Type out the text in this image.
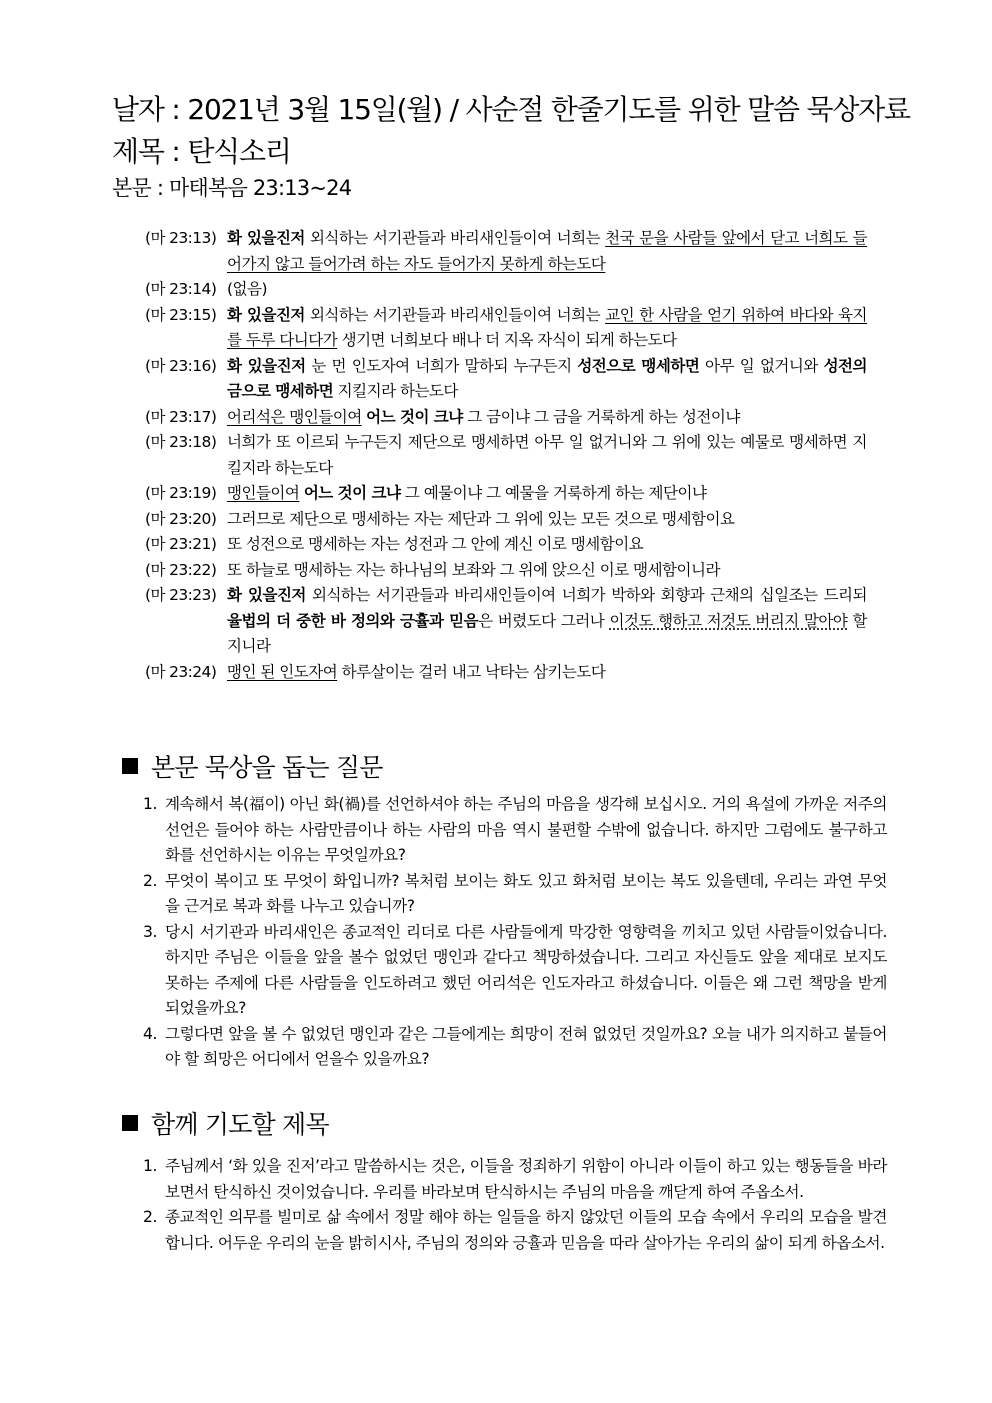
날자 : 2021년 3월 15일(월) / 사순절 한줄기도를 위한 말씀 묵상자료
제목 : 탄식소리
본문 : 마태복음 23:13~24
(마 23:13) 화 있을진저 외식하는 서기관들과 바리새인들이여 너희는 천국 문을 사람들 앞에서 닫고 너희도 들어가지 않고 들어가려 하는 자도 들어가지 못하게 하는도다
(마 23:14) (없음)
(마 23:15) 화 있을진저 외식하는 서기관들과 바리새인들이여 너희는 교인 한 사람을 얻기 위하여 바다와 육지를 두루 다니다가 생기면 너희보다 배나 더 지옥 자식이 되게 하는도다
(마 23:16) 화 있을진저 눈 먼 인도자여 너희가 말하되 누구든지 성전으로 맹세하면 아무 일 없거니와 성전의 금으로 맹세하면 지킬지라 하는도다
(마 23:17) 어리석은 맹인들이여 어느 것이 크냐 그 금이냐 그 금을 거룩하게 하는 성전이냐
(마 23:18) 너희가 또 이르되 누구든지 제단으로 맹세하면 아무 일 없거니와 그 위에 있는 예물로 맹세하면 지킬지라 하는도다
(마 23:19) 맹인들이여 어느 것이 크냐 그 예물이냐 그 예물을 거룩하게 하는 제단이냐
(마 23:20) 그러므로 제단으로 맹세하는 자는 제단과 그 위에 있는 모든 것으로 맹세함이요
(마 23:21) 또 성전으로 맹세하는 자는 성전과 그 안에 계신 이로 맹세함이요
(마 23:22) 또 하늘로 맹세하는 자는 하나님의 보좌와 그 위에 앉으신 이로 맹세함이니라
(마 23:23) 화 있을진저 외식하는 서기관들과 바리새인들이여 너희가 박하와 회향과 근채의 십일조는 드리되 율법의 더 중한 바 정의와 긍휼과 믿음은 버렸도다 그러나 이것도 행하고 저것도 버리지 말아야 할지니라
(마 23:24) 맹인 된 인도자여 하루살이는 걸러 내고 낙타는 삼키는도다
본문 묵상을 돕는 질문
1. 계속해서 복(福이) 아닌 화(禍)를 선언하셔야 하는 주님의 마음을 생각해 보십시오. 거의 욕설에 가까운 저주의 선언은 들어야 하는 사람만큼이나 하는 사람의 마음 역시 불편할 수밖에 없습니다. 하지만 그럼에도 불구하고 화를 선언하시는 이유는 무엇일까요?
2. 무엇이 복이고 또 무엇이 화입니까? 복처럼 보이는 화도 있고 화처럼 보이는 복도 있을텐데, 우리는 과연 무엇을 근거로 복과 화를 나누고 있습니까?
3. 당시 서기관과 바리새인은 종교적인 리더로 다른 사람들에게 막강한 영향력을 끼치고 있던 사람들이었습니다. 하지만 주님은 이들을 앞을 볼수 없었던 맹인과 같다고 책망하셨습니다. 그리고 자신들도 앞을 제대로 보지도 못하는 주제에 다른 사람들을 인도하려고 했던 어리석은 인도자라고 하셨습니다. 이들은 왜 그런 책망을 받게 되었을까요?
4. 그렇다면 앞을 볼 수 없었던 맹인과 같은 그들에게는 희망이 전혀 없었던 것일까요? 오늘 내가 의지하고 붙들어야 할 희망은 어디에서 얻을수 있을까요?
함께 기도할 제목
1. 주님께서 ‘화 있을 진저’라고 말씀하시는 것은, 이들을 정죄하기 위함이 아니라 이들이 하고 있는 행동들을 바라보면서 탄식하신 것이었습니다. 우리를 바라보며 탄식하시는 주님의 마음을 깨닫게 하여 주옵소서.
2. 종교적인 의무를 빌미로 삶 속에서 정말 해야 하는 일들을 하지 않았던 이들의 모습 속에서 우리의 모습을 발견합니다. 어두운 우리의 눈을 밝히시사, 주님의 정의와 긍휼과 믿음을 따라 살아가는 우리의 삶이 되게 하옵소서.
